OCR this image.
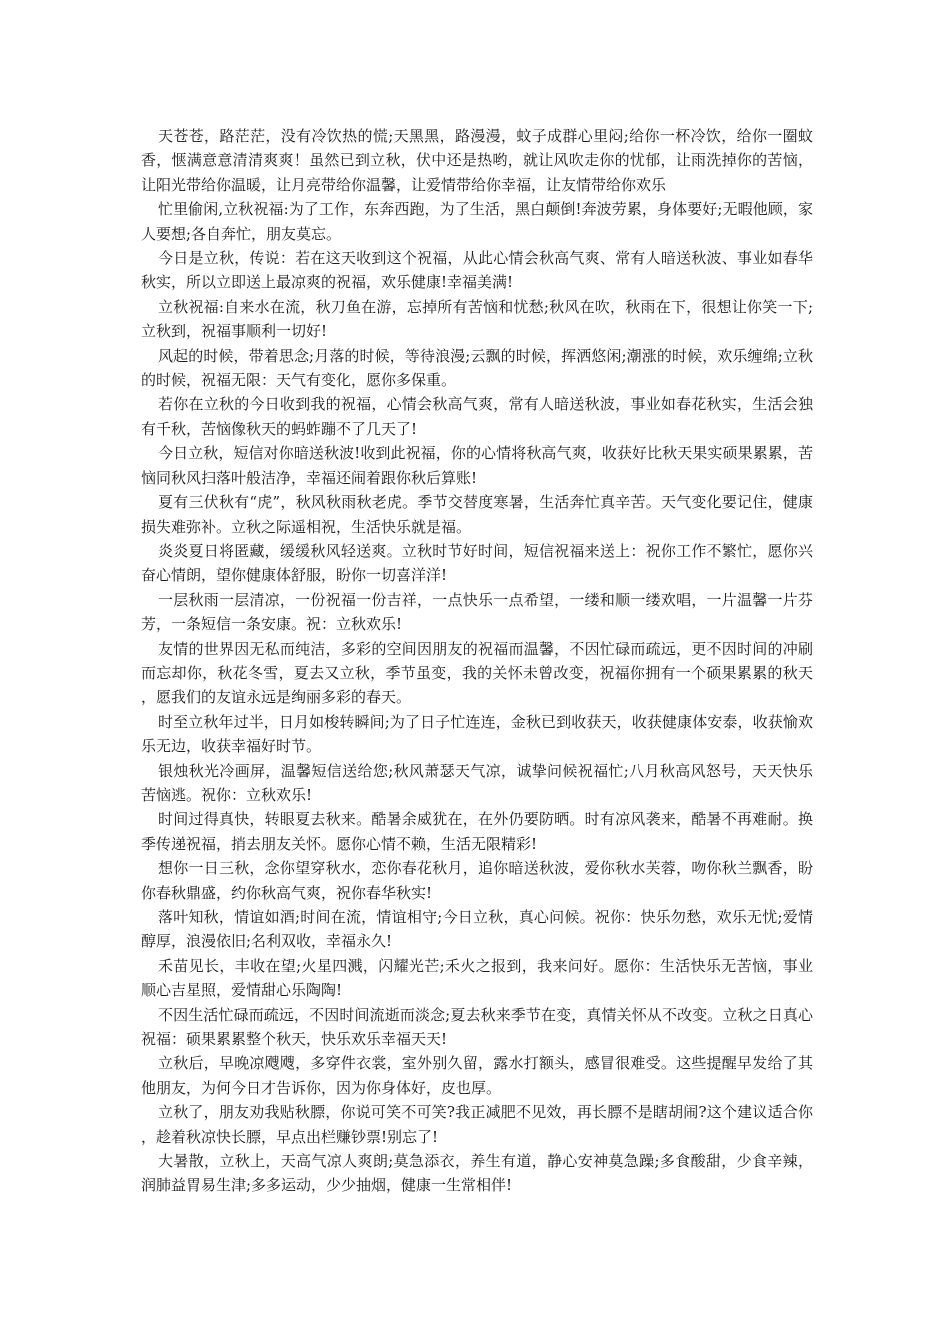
天苍苍，路茫茫，没有冷饮热的慌;天黑黑，路漫漫，蚊子成群心里闷;给你一杯冷饮，给你一圈蚊香，惬满意意清清爽爽！虽然已到立秋，伏中还是热哟，就让风吹走你的忧郁，让雨洗掉你的苦恼，让阳光带给你温暖，让月亮带给你温馨，让爱情带给你幸福，让友情带给你欢乐

忙里偷闲,立秋祝福:为了工作，东奔西跑，为了生活，黑白颠倒!奔波劳累，身体要好;无暇他顾，家人要想;各自奔忙，朋友莫忘。

今日是立秋，传说：若在这天收到这个祝福，从此心情会秋高气爽、常有人暗送秋波、事业如春华秋实，所以立即送上最凉爽的祝福，欢乐健康!幸福美满!

立秋祝福:自来水在流，秋刀鱼在游，忘掉所有苦恼和忧愁;秋风在吹，秋雨在下，很想让你笑一下;立秋到，祝福事顺利一切好!

风起的时候，带着思念;月落的时候，等待浪漫;云飘的时候，挥洒悠闲;潮涨的时候，欢乐缠绵;立秋的时候，祝福无限：天气有变化，愿你多保重。

若你在立秋的今日收到我的祝福，心情会秋高气爽，常有人暗送秋波，事业如春花秋实，生活会独有千秋，苦恼像秋天的蚂蚱蹦不了几天了!

今日立秋，短信对你暗送秋波!收到此祝福，你的心情将秋高气爽，收获好比秋天果实硕果累累，苦恼同秋风扫落叶般洁净，幸福还闹着跟你秋后算账!

夏有三伏秋有“虎”，秋风秋雨秋老虎。季节交替度寒暑，生活奔忙真辛苦。天气变化要记住，健康损失难弥补。立秋之际遥相祝，生活快乐就是福。

炎炎夏日将匿藏，缓缓秋风轻送爽。立秋时节好时间，短信祝福来送上：祝你工作不繁忙，愿你兴奋心情朗，望你健康体舒服，盼你一切喜洋洋!

一层秋雨一层清凉，一份祝福一份吉祥，一点快乐一点希望，一缕和顺一缕欢唱，一片温馨一片芬芳，一条短信一条安康。祝：立秋欢乐!

友情的世界因无私而纯洁，多彩的空间因朋友的祝福而温馨，不因忙碌而疏远，更不因时间的冲刷而忘却你，秋花冬雪，夏去又立秋，季节虽变，我的关怀未曾改变，祝福你拥有一个硕果累累的秋天，愿我们的友谊永远是绚丽多彩的春天。

时至立秋年过半，日月如梭转瞬间;为了日子忙连连，金秋已到收获天，收获健康体安泰，收获愉欢乐无边，收获幸福好时节。

银烛秋光冷画屏，温馨短信送给您;秋风萧瑟天气凉，诚挚问候祝福忙;八月秋高风怒号，天天快乐苦恼逃。祝你：立秋欢乐!

时间过得真快，转眼夏去秋来。酷暑余威犹在，在外仍要防晒。时有凉风袭来，酷暑不再难耐。换季传递祝福，捎去朋友关怀。愿你心情不赖，生活无限精彩!

想你一日三秋，念你望穿秋水，恋你春花秋月，追你暗送秋波，爱你秋水芙蓉，吻你秋兰飘香，盼你春秋鼎盛，约你秋高气爽，祝你春华秋实!

落叶知秋，情谊如酒;时间在流，情谊相守;今日立秋，真心问候。祝你：快乐勿愁，欢乐无忧;爱情醇厚，浪漫依旧;名利双收，幸福永久!

禾苗见长，丰收在望;火星四溅，闪耀光芒;禾火之报到，我来问好。愿你：生活快乐无苦恼，事业顺心吉星照，爱情甜心乐陶陶!

不因生活忙碌而疏远，不因时间流逝而淡念;夏去秋来季节在变，真情关怀从不改变。立秋之日真心祝福：硕果累累整个秋天，快乐欢乐幸福天天!

立秋后，早晚凉飕飕，多穿件衣裳，室外别久留，露水打额头，感冒很难受。这些提醒早发给了其他朋友，为何今日才告诉你，因为你身体好，皮也厚。

立秋了，朋友劝我贴秋膘，你说可笑不可笑?我正减肥不见效，再长膘不是瞎胡闹?这个建议适合你，趁着秋凉快长膘，早点出栏赚钞票!别忘了!

大暑散，立秋上，天高气凉人爽朗;莫急添衣，养生有道，静心安神莫急躁;多食酸甜，少食辛辣，润肺益胃易生津;多多运动，少少抽烟，健康一生常相伴!
